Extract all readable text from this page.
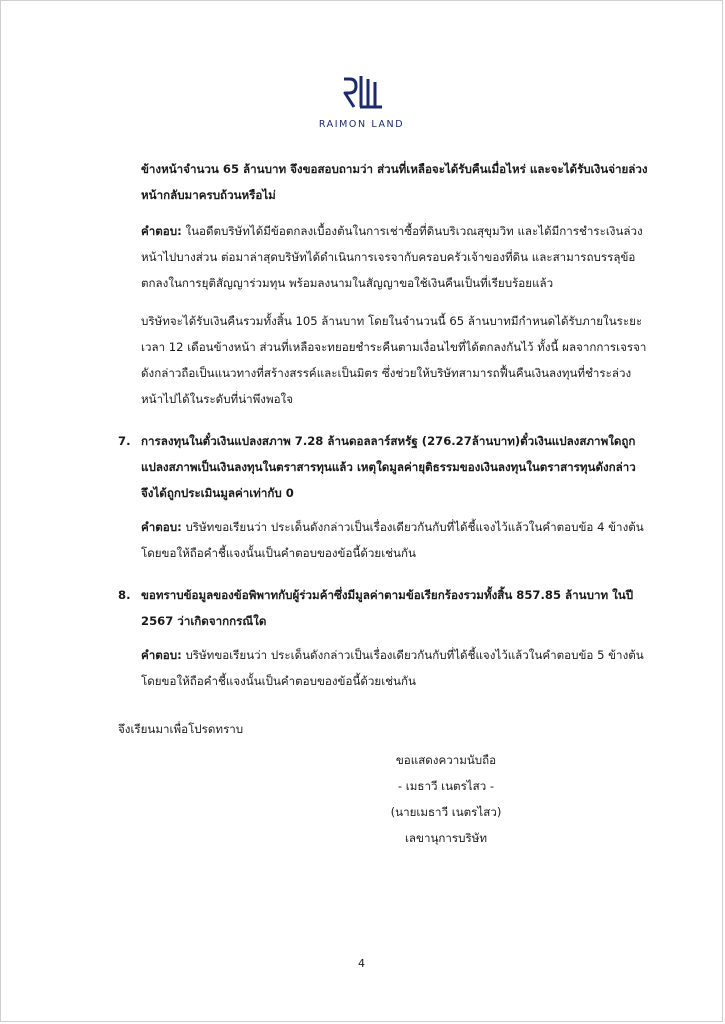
RAIMON LAND

ข้างหน้าจำนวน 65 ล้านบาท จึงขอสอบถามว่า ส่วนที่เหลือจะได้รับคืนเมื่อไหร่ และจะได้รับเงินจ่ายล่วงหน้ากลับมาครบถ้วนหรือไม่

คำตอบ: ในอดีตบริษัทได้มีข้อตกลงเบื้องต้นในการเช่าซื้อที่ดินบริเวณสุขุมวิท และได้มีการชำระเงินล่วงหน้าไปบางส่วน ต่อมาล่าสุดบริษัทได้ดำเนินการเจรจากับครอบครัวเจ้าของที่ดิน และสามารถบรรลุข้อตกลงในการยุติสัญญาร่วมทุน พร้อมลงนามในสัญญาขอใช้เงินคืนเป็นที่เรียบร้อยแล้ว

บริษัทจะได้รับเงินคืนรวมทั้งสิ้น 105 ล้านบาท โดยในจำนวนนี้ 65 ล้านบาทมีกำหนดได้รับภายในระยะเวลา 12 เดือนข้างหน้า ส่วนที่เหลือจะทยอยชำระคืนตามเงื่อนไขที่ได้ตกลงกันไว้ ทั้งนี้ ผลจากการเจรจาดังกล่าวถือเป็นแนวทางที่สร้างสรรค์และเป็นมิตร ซึ่งช่วยให้บริษัทสามารถฟื้นคืนเงินลงทุนที่ชำระล่วงหน้าไปได้ในระดับที่น่าพึงพอใจ

7. การลงทุนในตั๋วเงินแปลงสภาพ 7.28 ล้านดอลลาร์สหรัฐ (276.27ล้านบาท)ตั๋วเงินแปลงสภาพใดถูกแปลงสภาพเป็นเงินลงทุนในตราสารทุนแล้ว เหตุใดมูลค่ายุติธรรมของเงินลงทุนในตราสารทุนดังกล่าวจึงได้ถูกประเมินมูลค่าเท่ากับ 0

คำตอบ: บริษัทขอเรียนว่า ประเด็นดังกล่าวเป็นเรื่องเดียวกันกับที่ได้ชี้แจงไว้แล้วในคำตอบข้อ 4 ข้างต้น โดยขอให้ถือคำชี้แจงนั้นเป็นคำตอบของข้อนี้ด้วยเช่นกัน

8. ขอทราบข้อมูลของข้อพิพาทกับผู้ร่วมค้าซึ่งมีมูลค่าตามข้อเรียกร้องรวมทั้งสิ้น 857.85 ล้านบาท ในปี 2567 ว่าเกิดจากกรณีใด

คำตอบ: บริษัทขอเรียนว่า ประเด็นดังกล่าวเป็นเรื่องเดียวกันกับที่ได้ชี้แจงไว้แล้วในคำตอบข้อ 5 ข้างต้น โดยขอให้ถือคำชี้แจงนั้นเป็นคำตอบของข้อนี้ด้วยเช่นกัน

จึงเรียนมาเพื่อโปรดทราบ

ขอแสดงความนับถือ
- เมธาวี เนตรไสว -
(นายเมธาวี เนตรไสว)
เลขานุการบริษัท
4
